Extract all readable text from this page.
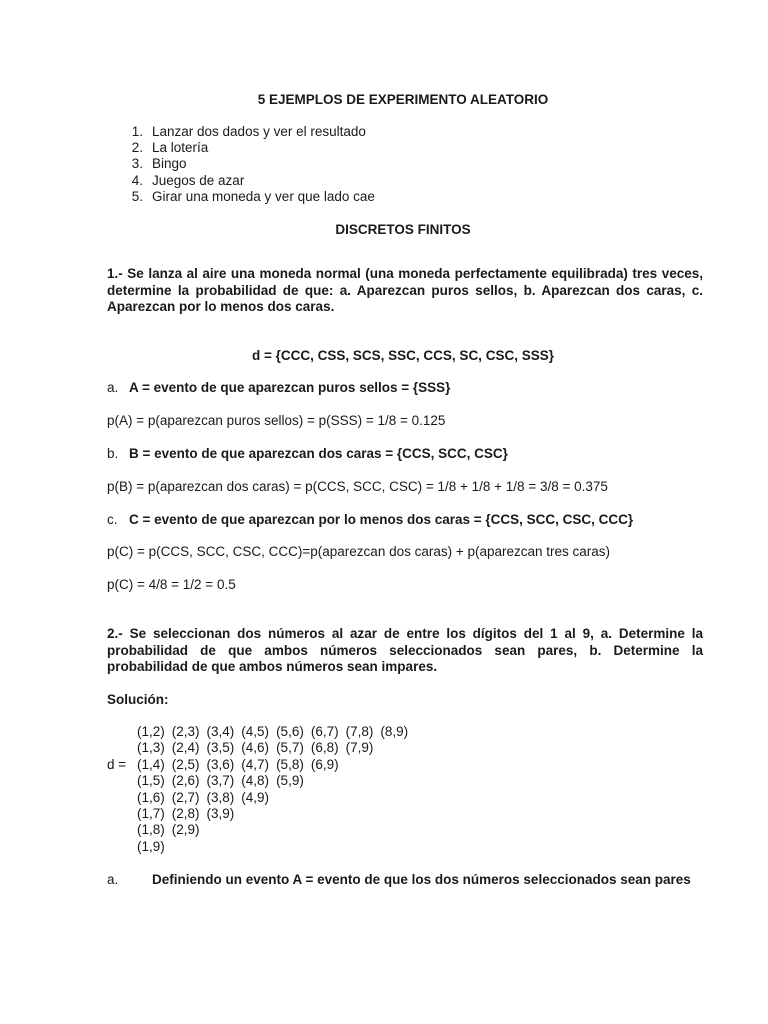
5 EJEMPLOS DE EXPERIMENTO ALEATORIO
1. Lanzar dos dados y ver el resultado
2. La lotería
3. Bingo
4. Juegos de azar
5. Girar una moneda y ver que lado cae
DISCRETOS FINITOS
1.- Se lanza al aire una moneda normal (una moneda perfectamente equilibrada) tres veces, determine la probabilidad de que: a. Aparezcan puros sellos, b. Aparezcan dos caras, c. Aparezcan por lo menos dos caras.
d = {CCC, CSS, SCS, SSC, CCS, SC, CSC, SSS}
a. A = evento de que aparezcan puros sellos = {SSS}
p(A) = p(aparezcan puros sellos) = p(SSS) = 1/8 = 0.125
b. B = evento de que aparezcan dos caras = {CCS, SCC, CSC}
p(B) = p(aparezcan dos caras) = p(CCS, SCC, CSC) = 1/8 + 1/8 + 1/8 = 3/8 = 0.375
c. C = evento de que aparezcan por lo menos dos caras = {CCS, SCC, CSC, CCC}
p(C) = p(CCS, SCC, CSC, CCC)=p(aparezcan dos caras) + p(aparezcan tres caras)
p(C) = 4/8 = 1/2 = 0.5
2.- Se seleccionan dos números al azar de entre los dígitos del 1 al 9, a. Determine la probabilidad de que ambos números seleccionados sean pares, b. Determine la probabilidad de que ambos números sean impares.
Solución:
d =
(1,2) (2,3) (3,4) (4,5) (5,6) (6,7) (7,8) (8,9)
(1,3) (2,4) (3,5) (4,6) (5,7) (6,8) (7,9)
(1,4) (2,5) (3,6) (4,7) (5,8) (6,9)
(1,5) (2,6) (3,7) (4,8) (5,9)
(1,6) (2,7) (3,8) (4,9)
(1,7) (2,8) (3,9)
(1,8) (2,9)
(1,9)
a. Definiendo un evento A = evento de que los dos números seleccionados sean pares
